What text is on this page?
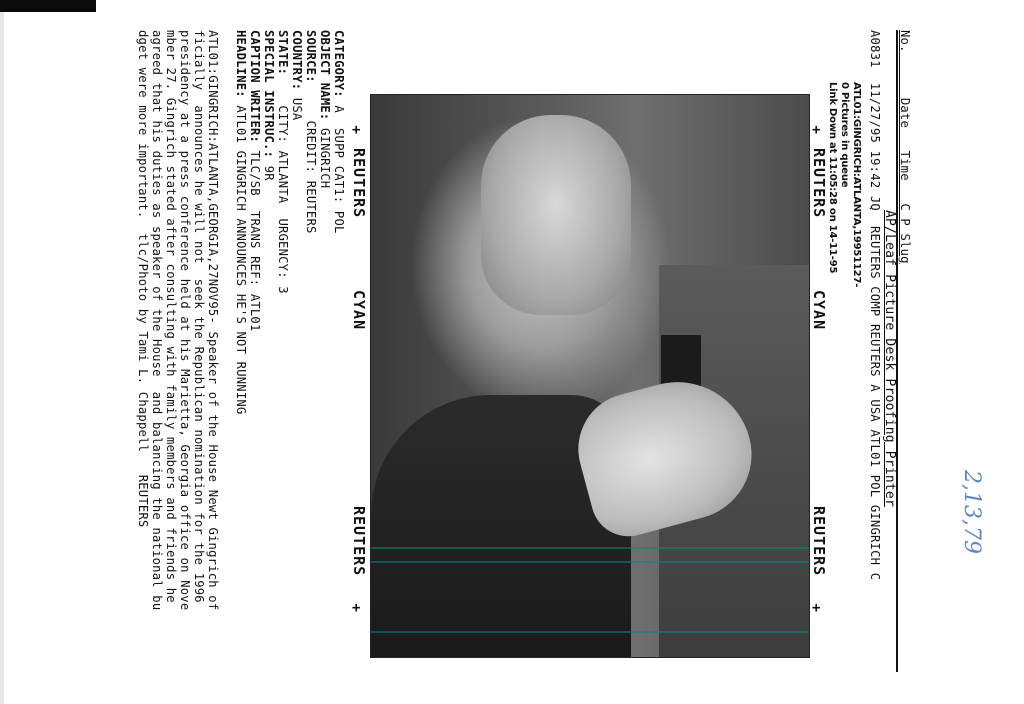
+
REUTERS
CYAN
REUTERS
+
+
REUTERS
CYAN
REUTERS
+
AP/Leaf Picture Desk Proofing Printer
No.      Date   Time   C P Slug
A0831  11/27/95 19:42 JQ  REUTERS COMP REUTERS A USA ATL01 POL GINGRICH C
ATL01:GINGRICH:ATLANTA,19951127-
0 Pictures in queue
Link Down at 11:05:28 on 14-11-95
CATEGORY: A  SUPP CAT1: POL
OBJECT NAME: GINGRICH
SOURCE:     CREDIT: REUTERS
COUNTRY: USA
STATE:    CITY: ATLANTA  URGENCY: 3
SPECIAL INSTRUC.: 9R
CAPTION WRITER: TLC/SB  TRANS REF: ATL01
HEADLINE: ATL01 GINGRICH ANNOUNCES HE'S NOT RUNNING
ATL01:GINGRICH:ATLANTA,GEORGIA,27NOV95- Speaker of the House Newt Gingrich of
ficially  announces he will not  seek the Republican nomination for the 1996
presidency at a press conference held at his Marietta, Georgia office on Nove
mber 27. Gingrich stated after consulting with family members and friends he
agreed that his duties as speaker of the House  and balancing the national bu
dget were more important.  tlc/Photo by Tami L. Chappell   REUTERS	2,13,79
